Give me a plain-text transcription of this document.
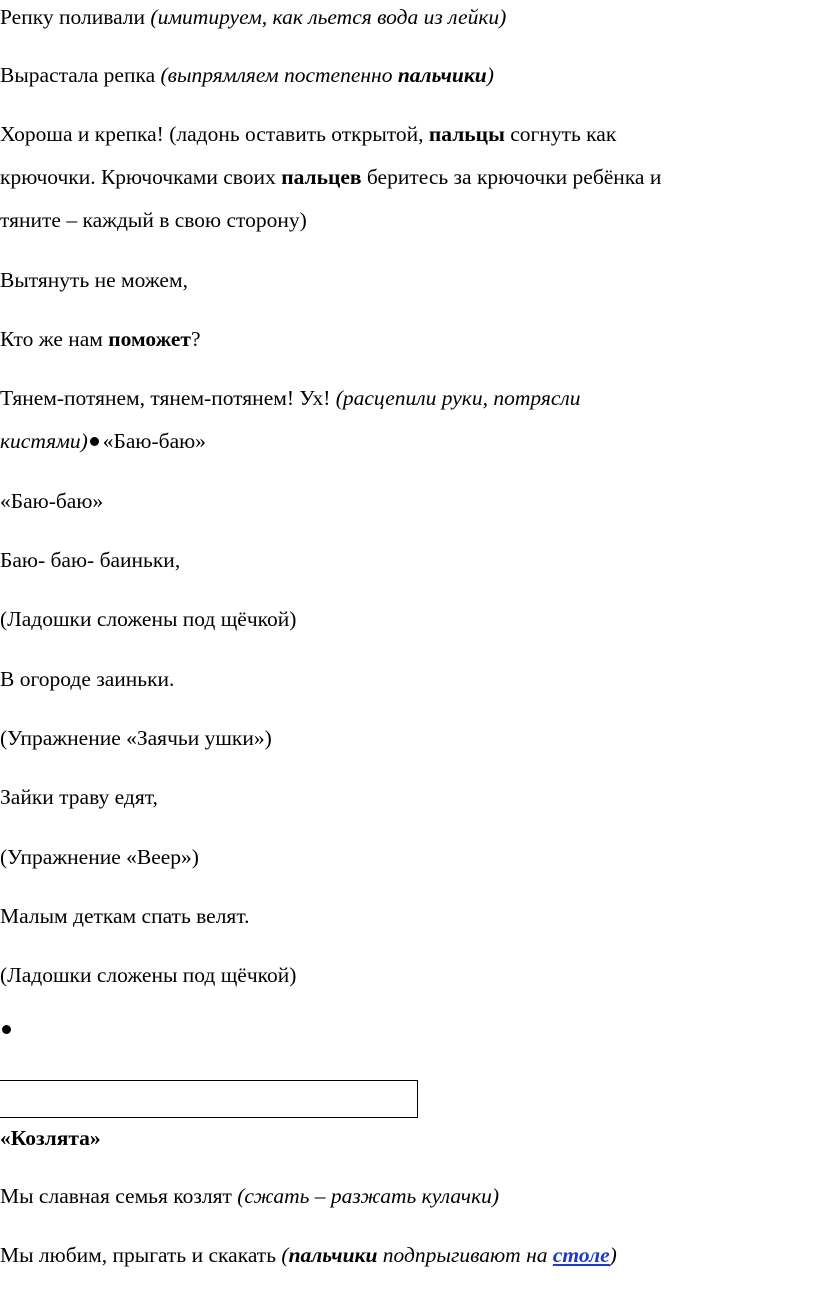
Репку поливали (имитируем, как льется вода из лейки)
Вырастала репка (выпрямляем постепенно пальчики)
Хороша и крепка! (ладонь оставить открытой, пальцы согнуть как
крючочки. Крючочками своих пальцев беритесь за крючочки ребёнка и
тяните – каждый в свою сторону)
Вытянуть не можем,
Кто же нам поможет?
Тянем-потянем, тянем-потянем! Ух! (расцепили руки, потрясли
кистями) «Баю-баю»
«Баю-баю»
Баю- баю- баиньки,
(Ладошки сложены под щёчкой)
В огороде заиньки.
(Упражнение «Заячьи ушки»)
Зайки траву едят,
(Упражнение «Веер»)
Малым деткам спать велят.
(Ладошки сложены под щёчкой)
«Козлята»
Мы славная семья козлят (сжать – разжать кулачки)
Мы любим, прыгать и скакать (пальчики подпрыгивают на столе)
